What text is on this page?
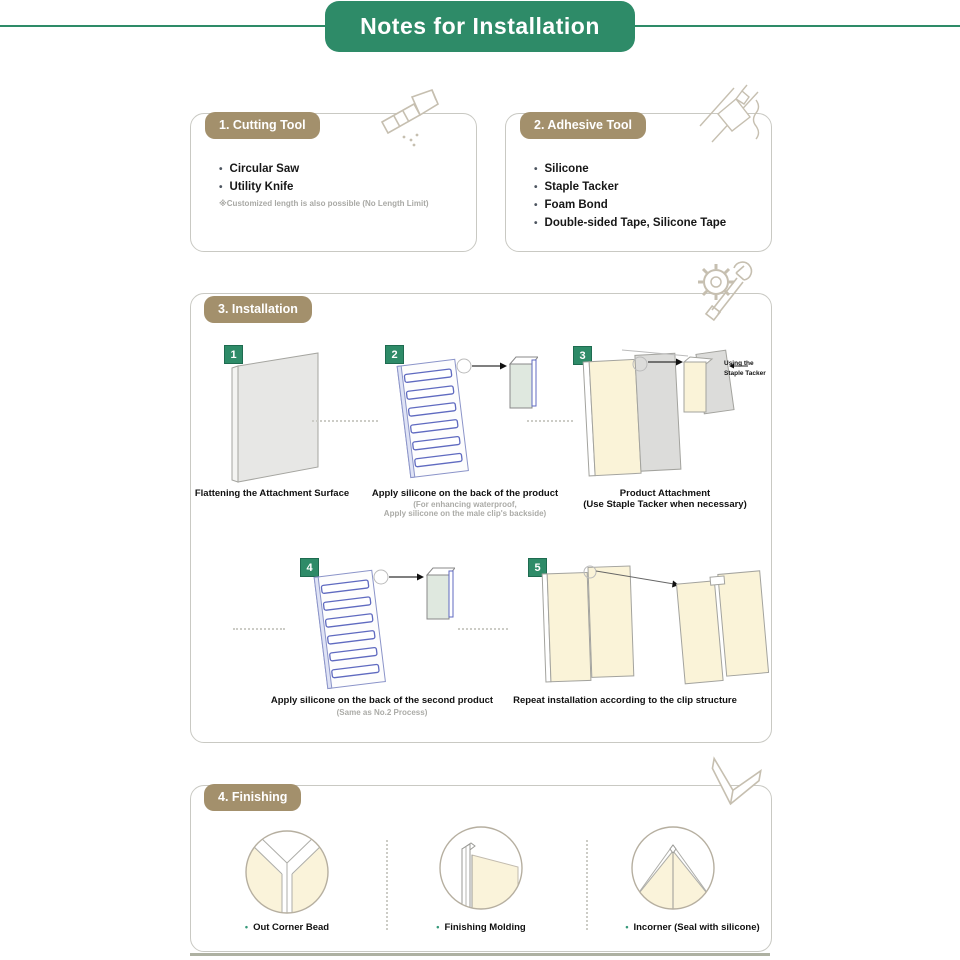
Notes for Installation
1. Cutting Tool
• Circular Saw
• Utility Knife
※Customized length is also possible (No Length Limit)
2. Adhesive Tool
• Silicone
• Staple Tacker
• Foam Bond
• Double-sided Tape, Silicone Tape
3. Installation
1
Flattening the Attachment Surface
2
Apply silicone on the back of the product
(For enhancing waterproof,
Apply silicone on the male clip's backside)
3
Using the
Staple Tacker
Product Attachment
(Use Staple Tacker when necessary)
4
Apply silicone on the back of the second product
(Same as No.2 Process)
5
Repeat installation according to the clip structure
4. Finishing
• Out Corner Bead	• Finishing Molding	• Incorner (Seal with silicone)
